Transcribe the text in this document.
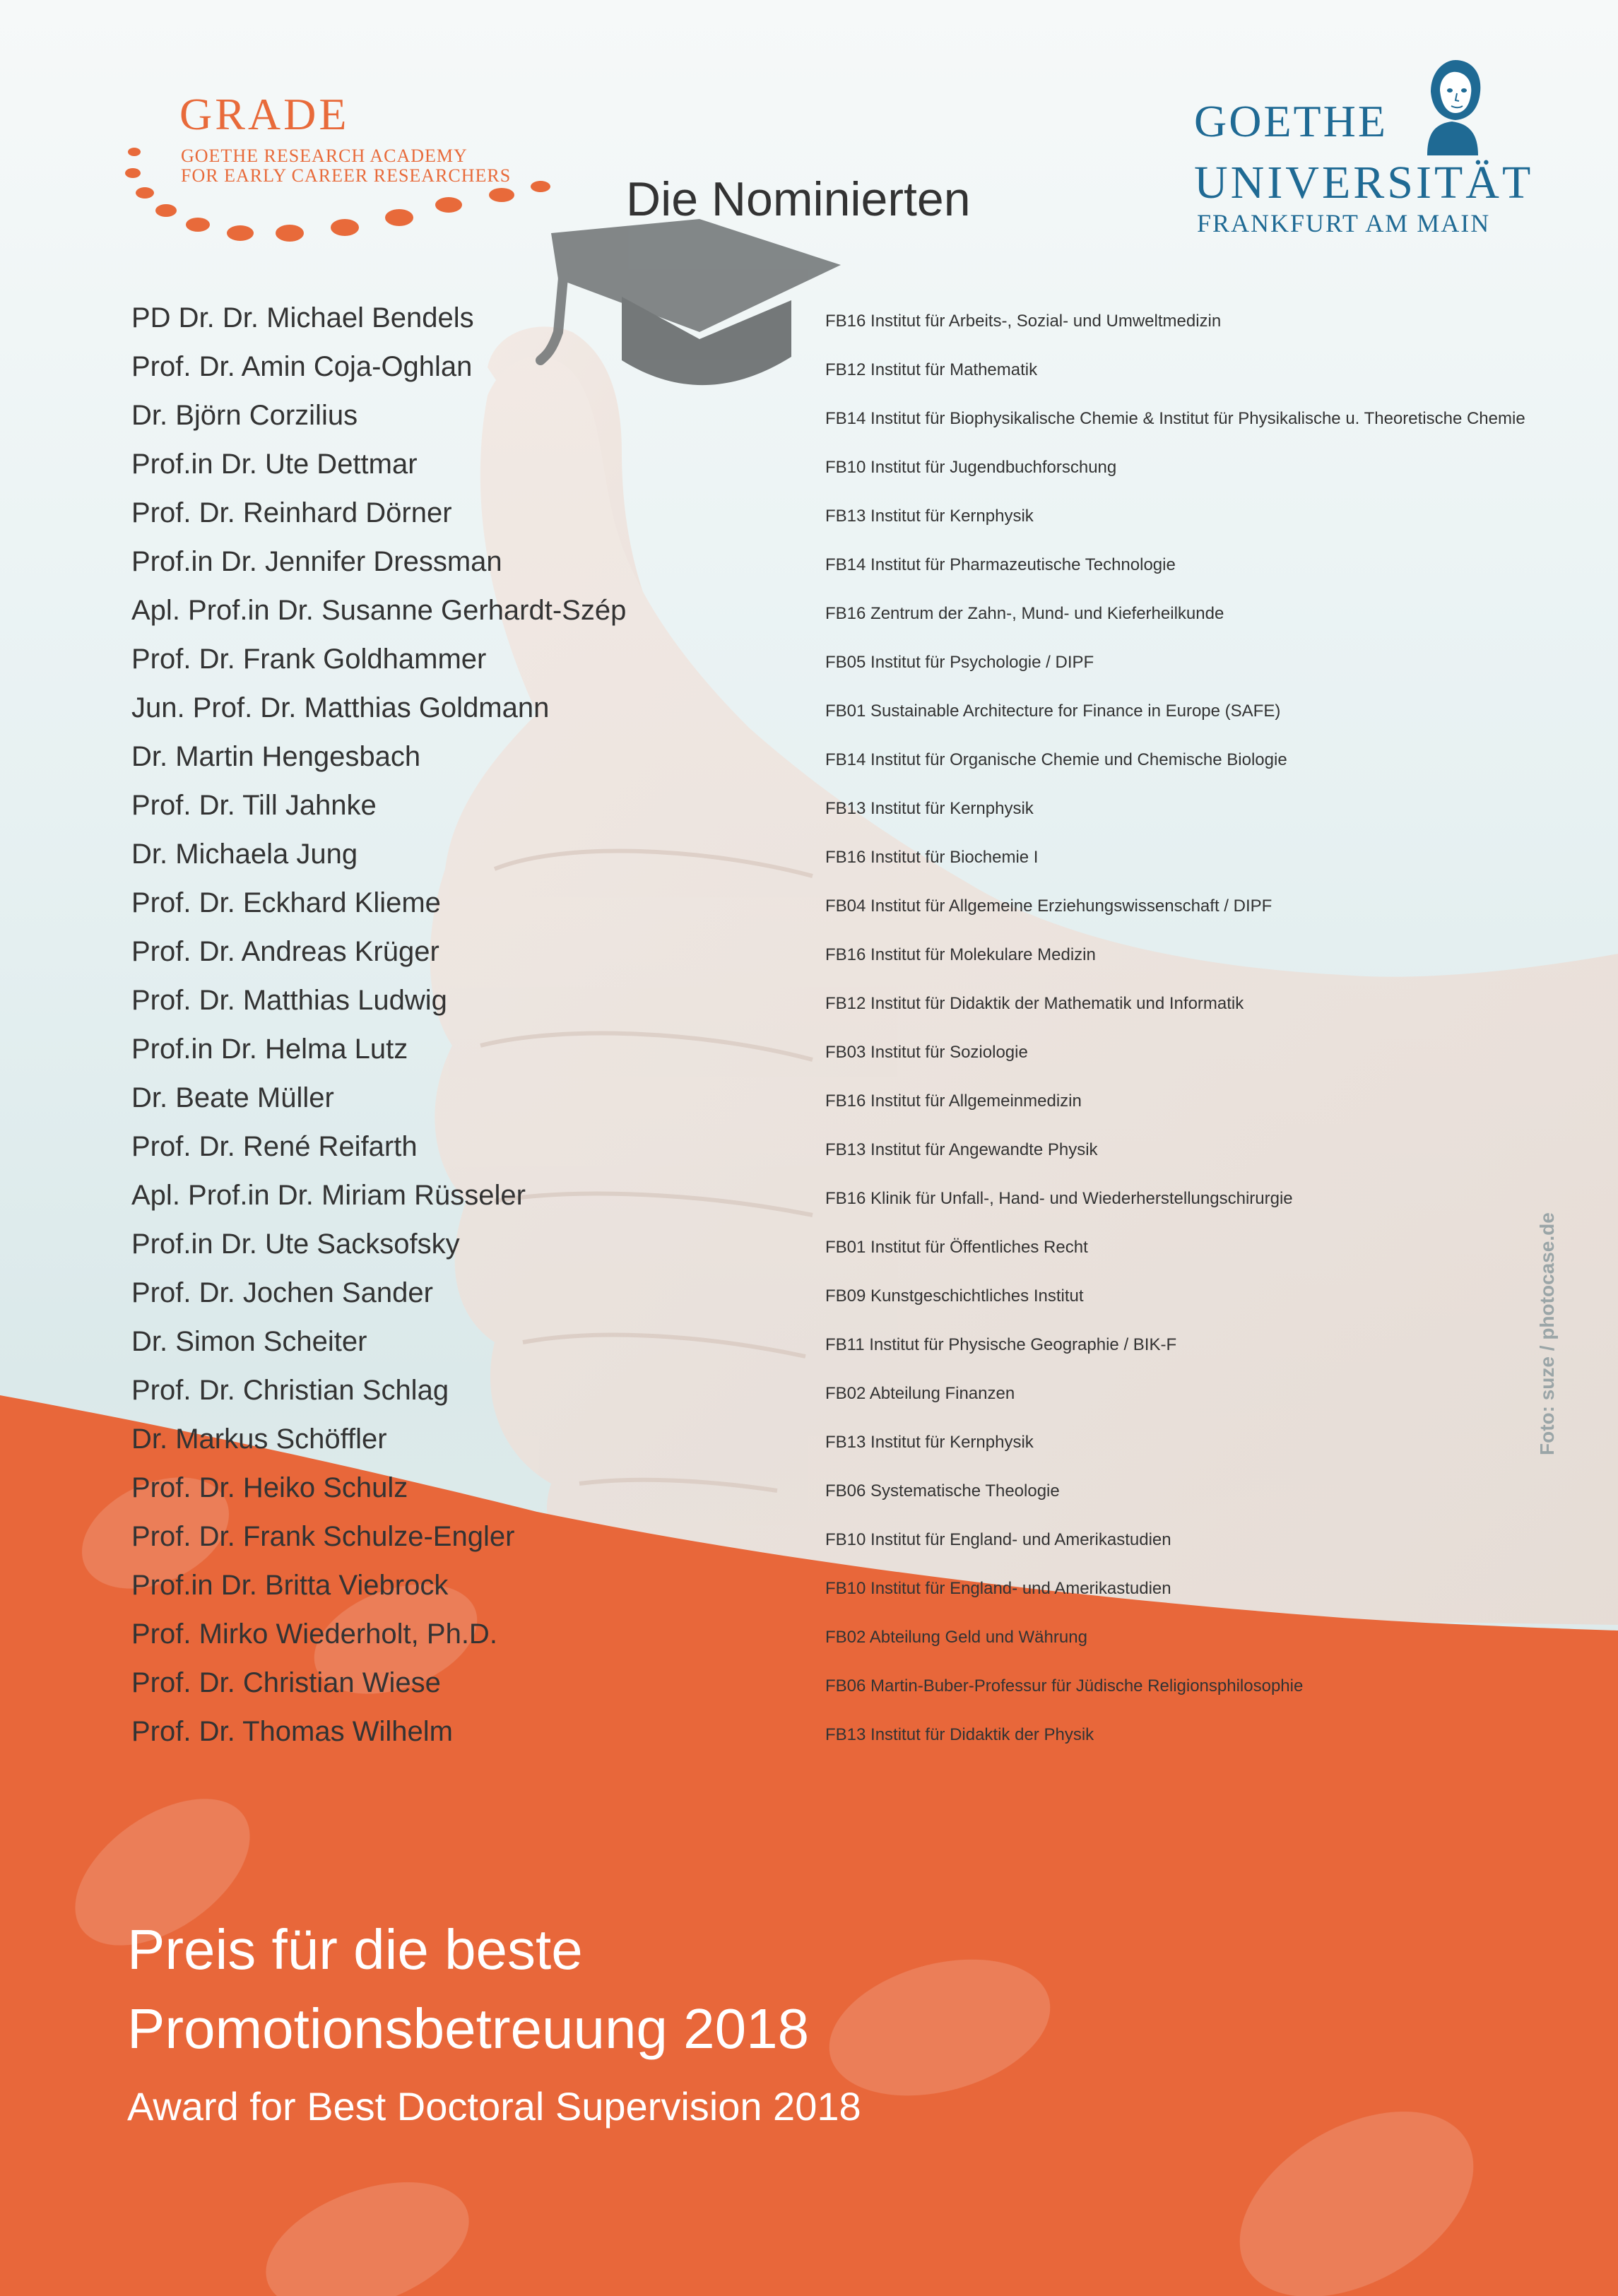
GRADE
GOETHE RESEARCH ACADEMY
FOR EARLY CAREER RESEARCHERS
GOETHE
UNIVERSITÄT
FRANKFURT AM MAIN
Die Nominierten
PD Dr. Dr. Michael Bendels	FB16 Institut für Arbeits-, Sozial- und Umweltmedizin
Prof. Dr. Amin Coja-Oghlan	FB12 Institut für Mathematik
Dr. Björn Corzilius	FB14 Institut für Biophysikalische Chemie & Institut für Physikalische u. Theoretische Chemie
Prof.in Dr. Ute Dettmar	FB10 Institut für Jugendbuchforschung
Prof. Dr. Reinhard Dörner	FB13 Institut für Kernphysik
Prof.in Dr. Jennifer Dressman	FB14 Institut für Pharmazeutische Technologie
Apl. Prof.in Dr. Susanne Gerhardt-Szép	FB16 Zentrum der Zahn-, Mund- und Kieferheilkunde
Prof. Dr. Frank Goldhammer	FB05 Institut für Psychologie / DIPF
Jun. Prof. Dr. Matthias Goldmann	FB01 Sustainable Architecture for Finance in Europe (SAFE)
Dr. Martin Hengesbach	FB14 Institut für Organische Chemie und Chemische Biologie
Prof. Dr. Till Jahnke	FB13 Institut für Kernphysik
Dr. Michaela Jung	FB16 Institut für Biochemie I
Prof. Dr. Eckhard Klieme	FB04 Institut für Allgemeine Erziehungswissenschaft / DIPF
Prof. Dr. Andreas Krüger	FB16 Institut für Molekulare Medizin
Prof. Dr. Matthias Ludwig	FB12 Institut für Didaktik der Mathematik und Informatik
Prof.in Dr. Helma Lutz	FB03 Institut für Soziologie
Dr. Beate Müller	FB16 Institut für Allgemeinmedizin
Prof. Dr. René Reifarth	FB13 Institut für Angewandte Physik
Apl. Prof.in Dr. Miriam Rüsseler	FB16 Klinik für Unfall-, Hand- und Wiederherstellungschirurgie
Prof.in Dr. Ute Sacksofsky	FB01 Institut für Öffentliches Recht
Prof. Dr. Jochen Sander	FB09 Kunstgeschichtliches Institut
Dr. Simon Scheiter	FB11 Institut für Physische Geographie / BIK-F
Prof. Dr. Christian Schlag	FB02 Abteilung Finanzen
Dr. Markus Schöffler	FB13 Institut für Kernphysik
Prof. Dr. Heiko Schulz	FB06 Systematische Theologie
Prof. Dr. Frank Schulze-Engler	FB10 Institut für England- und Amerikastudien
Prof.in Dr. Britta Viebrock	FB10 Institut für England- und Amerikastudien
Prof. Mirko Wiederholt, Ph.D.	FB02 Abteilung Geld und Währung
Prof. Dr. Christian Wiese	FB06 Martin-Buber-Professur für Jüdische Religionsphilosophie
Prof. Dr. Thomas Wilhelm	FB13 Institut für Didaktik der Physik
Foto: suze / photocase.de
Preis für die beste
Promotionsbetreuung 2018
Award for Best Doctoral Supervision 2018
